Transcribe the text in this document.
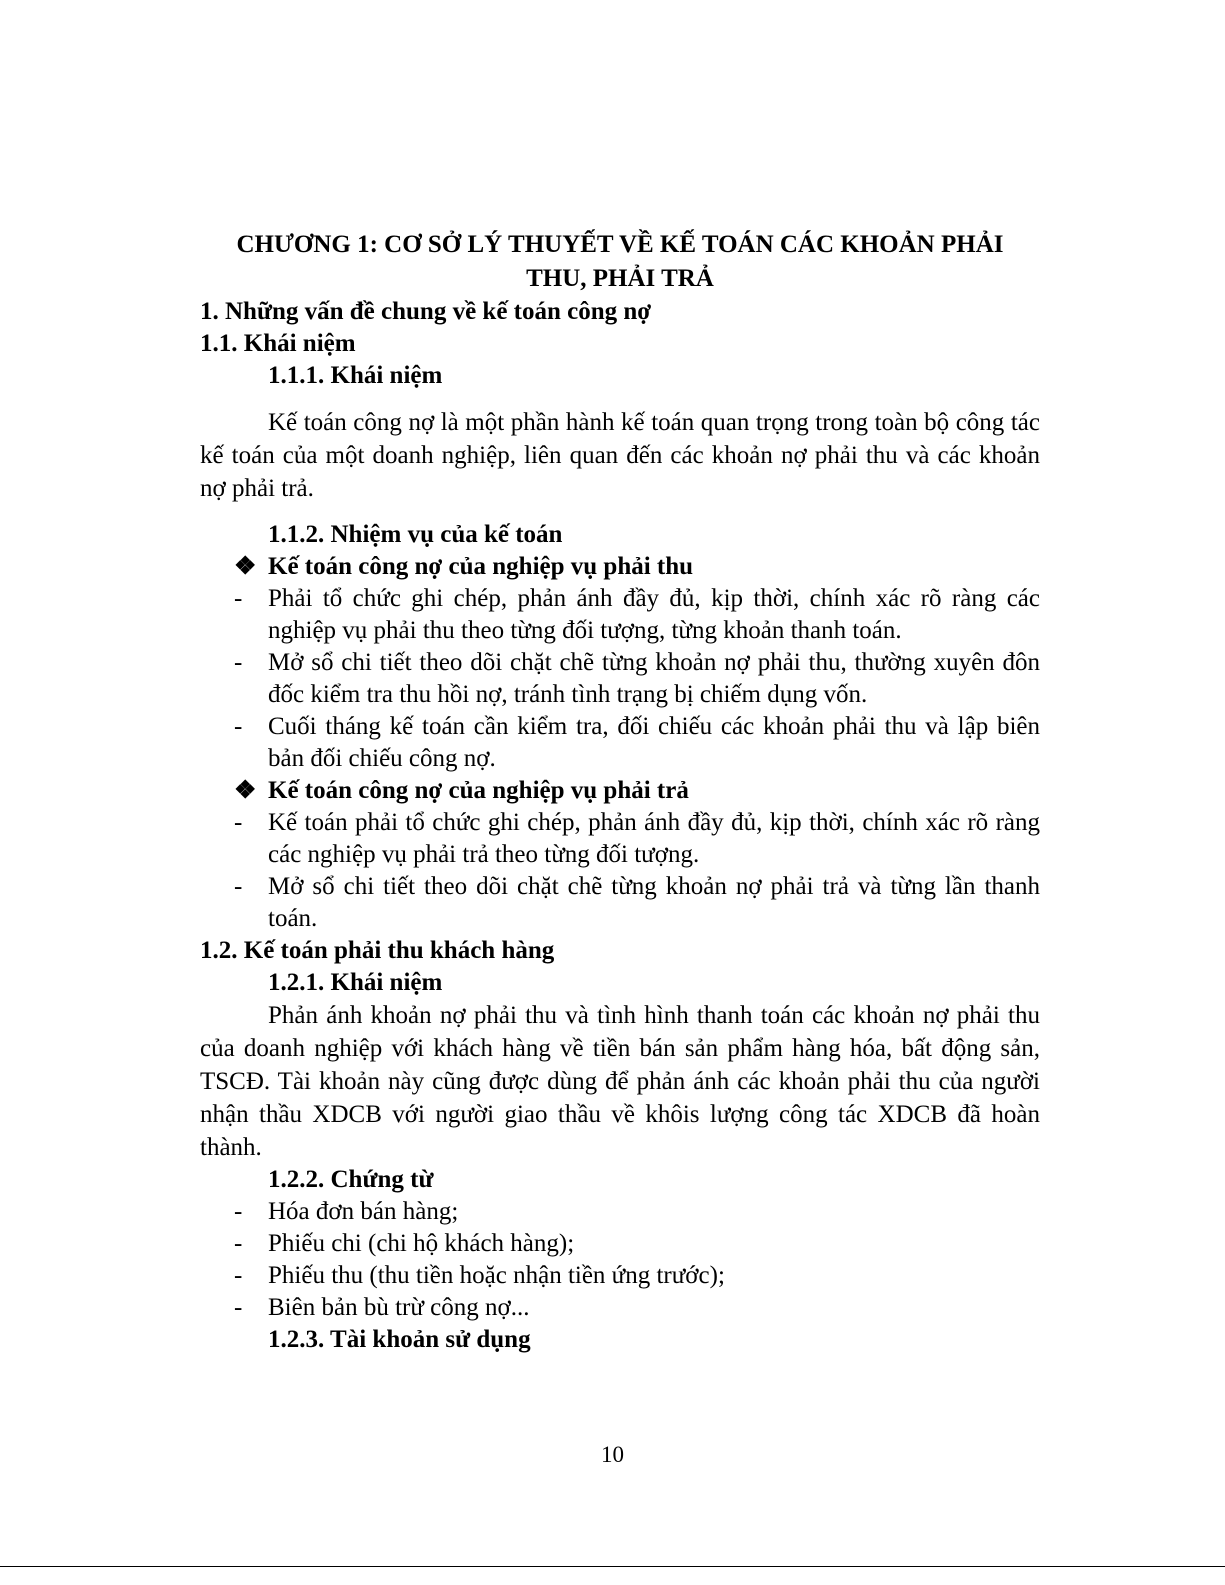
CHƯƠNG 1: CƠ SỞ LÝ THUYẾT VỀ KẾ TOÁN CÁC KHOẢN PHẢI
THU, PHẢI TRẢ
1. Những vấn đề chung về kế toán công nợ
1.1. Khái niệm
1.1.1. Khái niệm

Kế toán công nợ là một phần hành kế toán quan trọng trong toàn bộ công tác kế toán của một doanh nghiệp, liên quan đến các khoản nợ phải thu và các khoản nợ phải trả.

1.1.2. Nhiệm vụ của kế toán
❖ Kế toán công nợ của nghiệp vụ phải thu
-	Phải tổ chức ghi chép, phản ánh đầy đủ, kịp thời, chính xác rõ ràng các nghiệp vụ phải thu theo từng đối tượng, từng khoản thanh toán.
-	Mở sổ chi tiết theo dõi chặt chẽ từng khoản nợ phải thu, thường xuyên đôn đốc kiểm tra thu hồi nợ, tránh tình trạng bị chiếm dụng vốn.
-	Cuối tháng kế toán cần kiểm tra, đối chiếu các khoản phải thu và lập biên bản đối chiếu công nợ.
❖ Kế toán công nợ của nghiệp vụ phải trả
-	Kế toán phải tổ chức ghi chép, phản ánh đầy đủ, kịp thời, chính xác rõ ràng các nghiệp vụ phải trả theo từng đối tượng.
-	Mở sổ chi tiết theo dõi chặt chẽ từng khoản nợ phải trả và từng lần thanh toán.
1.2. Kế toán phải thu khách hàng
1.2.1. Khái niệm

Phản ánh khoản nợ phải thu và tình hình thanh toán các khoản nợ phải thu của doanh nghiệp với khách hàng về tiền bán sản phẩm hàng hóa, bất động sản, TSCĐ. Tài khoản này cũng được dùng để phản ánh các khoản phải thu của người nhận thầu XDCB với người giao thầu về khôis lượng công tác XDCB đã hoàn thành.

1.2.2. Chứng từ
-	Hóa đơn bán hàng;
-	Phiếu chi (chi hộ khách hàng);
-	Phiếu thu (thu tiền hoặc nhận tiền ứng trước);
-	Biên bản bù trừ công nợ...
1.2.3. Tài khoản sử dụng
10
